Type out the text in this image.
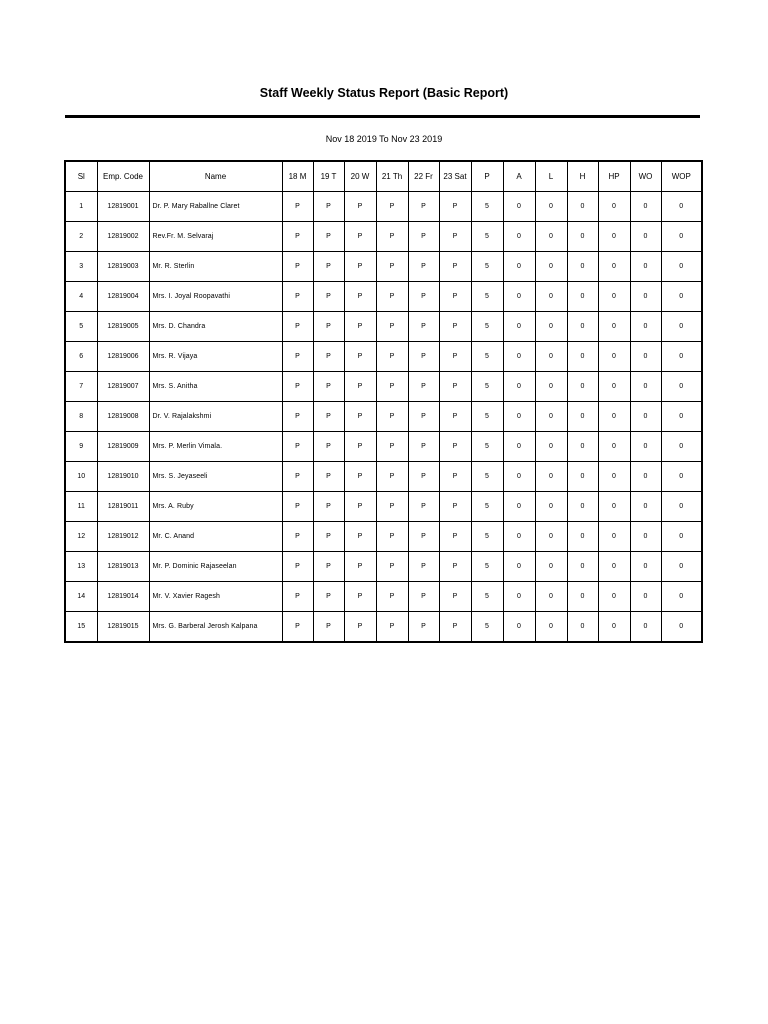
Staff Weekly Status Report (Basic Report)

Nov 18 2019 To Nov 23 2019

Sl	Emp. Code	Name	18 M	19 T	20 W	21 Th	22 Fr	23 Sat	P	A	L	H	HP	WO	WOP
1	12819001	Dr. P. Mary Raballne Claret	P	P	P	P	P	P	5	0	0	0	0	0	0
2	12819002	Rev.Fr. M. Selvaraj	P	P	P	P	P	P	5	0	0	0	0	0	0
3	12819003	Mr. R. Sterlin	P	P	P	P	P	P	5	0	0	0	0	0	0
4	12819004	Mrs. I. Joyal Roopavathi	P	P	P	P	P	P	5	0	0	0	0	0	0
5	12819005	Mrs. D. Chandra	P	P	P	P	P	P	5	0	0	0	0	0	0
6	12819006	Mrs. R. Vijaya	P	P	P	P	P	P	5	0	0	0	0	0	0
7	12819007	Mrs. S. Anitha	P	P	P	P	P	P	5	0	0	0	0	0	0
8	12819008	Dr. V. Rajalakshmi	P	P	P	P	P	P	5	0	0	0	0	0	0
9	12819009	Mrs. P. Merlin Vimala.	P	P	P	P	P	P	5	0	0	0	0	0	0
10	12819010	Mrs. S. Jeyaseeli	P	P	P	P	P	P	5	0	0	0	0	0	0
11	12819011	Mrs. A. Ruby	P	P	P	P	P	P	5	0	0	0	0	0	0
12	12819012	Mr. C. Anand	P	P	P	P	P	P	5	0	0	0	0	0	0
13	12819013	Mr. P. Dominic Rajaseelan	P	P	P	P	P	P	5	0	0	0	0	0	0
14	12819014	Mr. V. Xavier Ragesh	P	P	P	P	P	P	5	0	0	0	0	0	0
15	12819015	Mrs. G. Barberal Jerosh Kalpana	P	P	P	P	P	P	5	0	0	0	0	0	0
